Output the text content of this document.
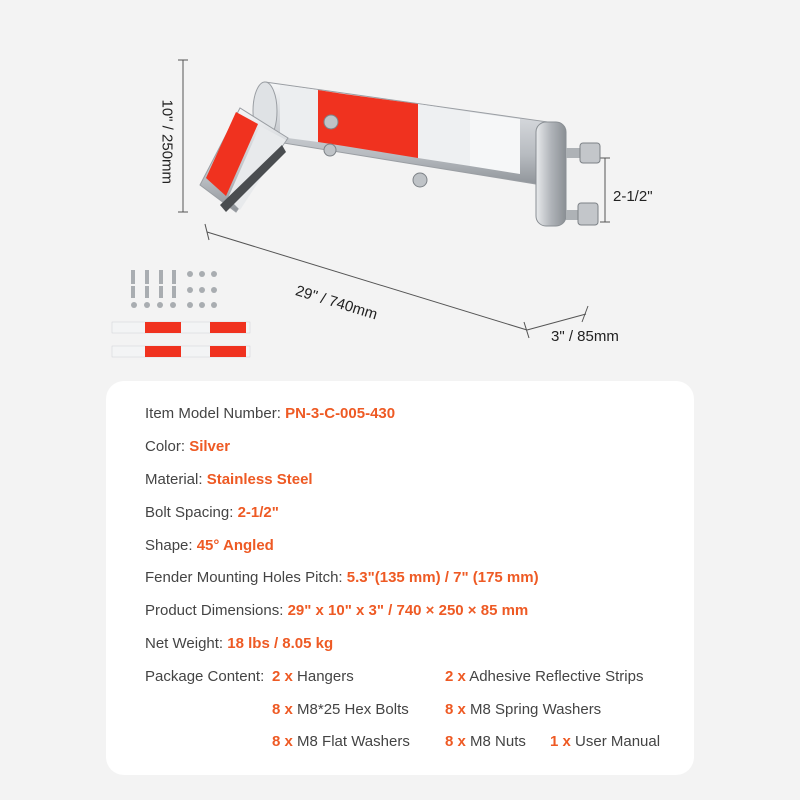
10" / 250mm
29" / 740mm
3" / 85mm
2-1/2"
Item Model Number: PN-3-C-005-430
Color: Silver
Material: Stainless Steel
Bolt Spacing: 2-1/2"
Shape: 45° Angled
Fender Mounting Holes Pitch: 5.3"(135 mm) / 7" (175 mm)
Product Dimensions: 29" x 10" x 3" / 740 × 250 × 85 mm
Net Weight: 18 lbs / 8.05 kg
Package Content: 2 x Hangers	2 x Adhesive Reflective Strips
8 x M8*25 Hex Bolts 8 x M8 Spring Washers
8 x M8 Flat Washers 8 x M8 Nuts 1 x User Manual
